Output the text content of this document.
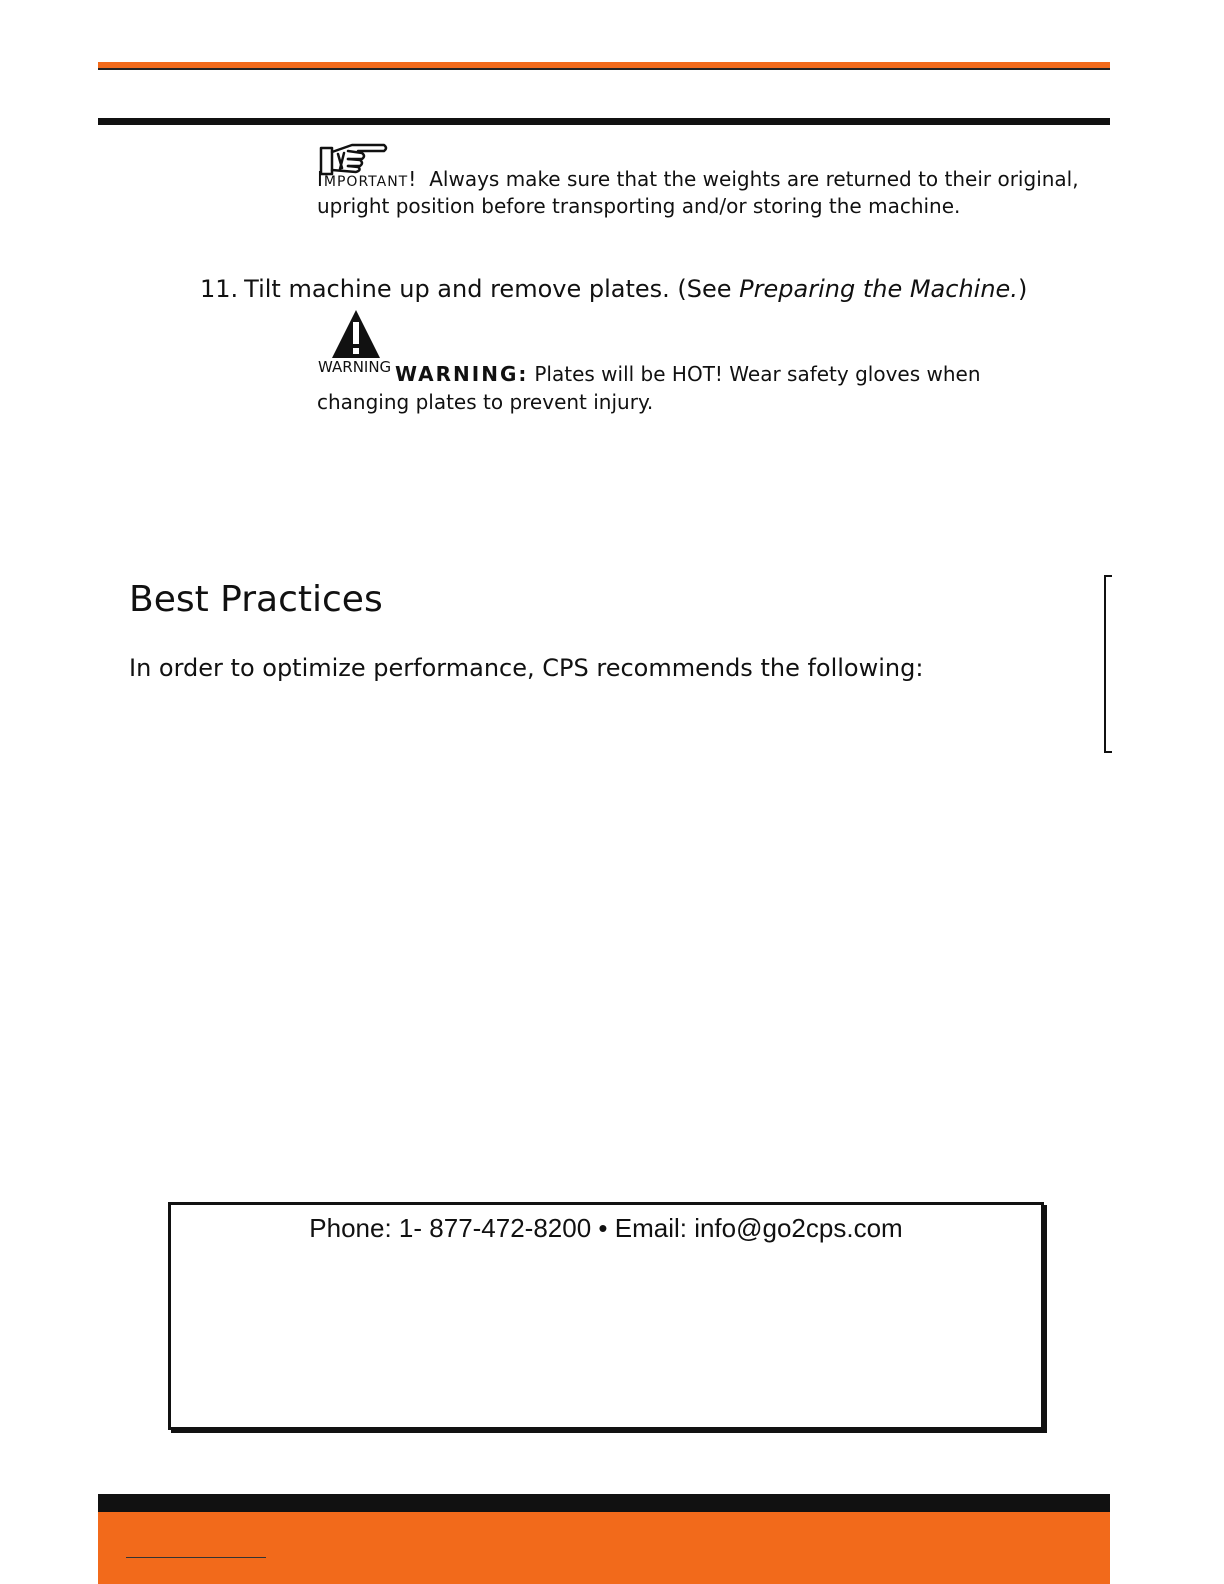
Important! Always make sure that the weights are returned to their original, upright position before transporting and/or storing the machine.
11. Tilt machine up and remove plates. (See Preparing the Machine.)
WARNING WARNING: Plates will be HOT! Wear safety gloves when changing plates to prevent injury.
Best Practices
In order to optimize performance, CPS recommends the following:
Phone: 1- 877-472-8200 • Email: info@go2cps.com
